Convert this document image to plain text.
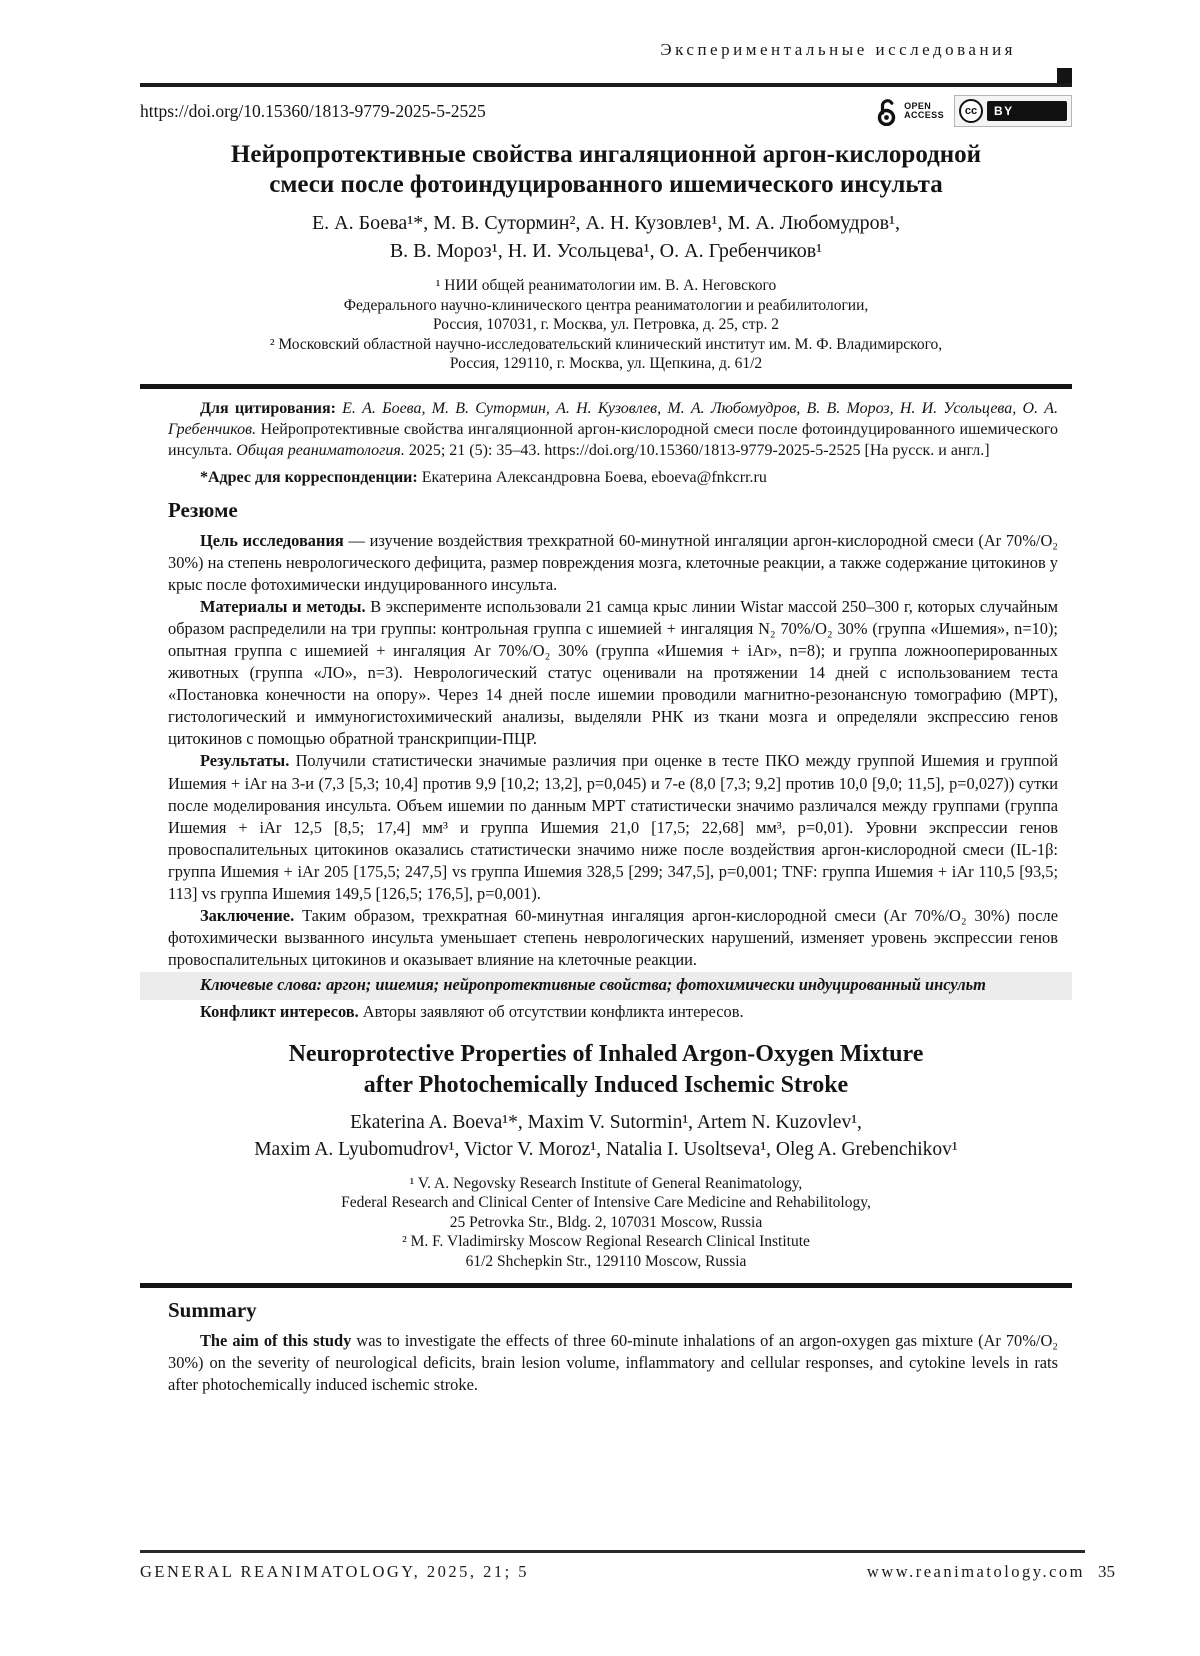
Экспериментальные исследования
https://doi.org/10.15360/1813-9779-2025-5-2525	OPEN
ACCESS	cc	BY
Нейропротективные свойства ингаляционной аргон-кислородной
смеси после фотоиндуцированного ишемического инсульта
Е. А. Боева¹*, М. В. Сутормин², А. Н. Кузовлев¹, М. А. Любомудров¹,
В. В. Мороз¹, Н. И. Усольцева¹, О. А. Гребенчиков¹
¹ НИИ общей реаниматологии им. В. А. Неговского
Федерального научно-клинического центра реаниматологии и реабилитологии,
Россия, 107031, г. Москва, ул. Петровка, д. 25, стр. 2
² Московский областной научно-исследовательский клинический институт им. М. Ф. Владимирского,
Россия, 129110, г. Москва, ул. Щепкина, д. 61/2

Для цитирования: Е. А. Боева, М. В. Сутормин, А. Н. Кузовлев, М. А. Любомудров, В. В. Мороз, Н. И. Усольцева, О. А. Гребенчиков. Нейропротективные свойства ингаляционной аргон-кислородной смеси после фотоиндуцированного ишемического инсульта. Общая реаниматология. 2025; 21 (5): 35–43. https://doi.org/10.15360/1813-9779-2025-5-2525 [На русск. и англ.]

*Адрес для корреспонденции: Екатерина Александровна Боева, eboeva@fnkcrr.ru

Резюме

Цель исследования — изучение воздействия трехкратной 60-минутной ингаляции аргон-кислородной смеси (Ar 70%/O₂ 30%) на степень неврологического дефицита, размер повреждения мозга, клеточные реакции, а также содержание цитокинов у крыс после фотохимически индуцированного инсульта.

Материалы и методы. В эксперименте использовали 21 самца крыс линии Wistar массой 250–300 г, которых случайным образом распределили на три группы: контрольная группа с ишемией + ингаляция N₂ 70%/O₂ 30% (группа «Ишемия», n=10); опытная группа с ишемией + ингаляция Ar 70%/O₂ 30% (группа «Ишемия + iAr», n=8); и группа ложнооперированных животных (группа «ЛО», n=3). Неврологический статус оценивали на протяжении 14 дней с использованием теста «Постановка конечности на опору». Через 14 дней после ишемии проводили магнитно-резонансную томографию (МРТ), гистологический и иммуногистохимический анализы, выделяли РНК из ткани мозга и определяли экспрессию генов цитокинов с помощью обратной транскрипции-ПЦР.

Результаты. Получили статистически значимые различия при оценке в тесте ПКО между группой Ишемия и группой Ишемия + iAr на 3-и (7,3 [5,3; 10,4] против 9,9 [10,2; 13,2], p=0,045) и 7-е (8,0 [7,3; 9,2] против 10,0 [9,0; 11,5], p=0,027)) сутки после моделирования инсульта. Объем ишемии по данным МРТ статистически значимо различался между группами (группа Ишемия + iAr 12,5 [8,5; 17,4] мм³ и группа Ишемия 21,0 [17,5; 22,68] мм³, p=0,01). Уровни экспрессии генов провоспалительных цитокинов оказались статистически значимо ниже после воздействия аргон-кислородной смеси (IL-1β: группа Ишемия + iAr 205 [175,5; 247,5] vs группа Ишемия 328,5 [299; 347,5], p=0,001; TNF: группа Ишемия + iAr 110,5 [93,5; 113] vs группа Ишемия 149,5 [126,5; 176,5], p=0,001).

Заключение. Таким образом, трехкратная 60-минутная ингаляция аргон-кислородной смеси (Ar 70%/O₂ 30%) после фотохимически вызванного инсульта уменьшает степень неврологических нарушений, изменяет уровень экспрессии генов провоспалительных цитокинов и оказывает влияние на клеточные реакции.

Ключевые слова: аргон; ишемия; нейропротективные свойства; фотохимически индуцированный инсульт

Конфликт интересов. Авторы заявляют об отсутствии конфликта интересов.

Neuroprotective Properties of Inhaled Argon-Oxygen Mixture
after Photochemically Induced Ischemic Stroke
Ekaterina A. Boeva¹*, Maxim V. Sutormin¹, Artem N. Kuzovlev¹,
Maxim A. Lyubomudrov¹, Victor V. Moroz¹, Natalia I. Usoltseva¹, Oleg A. Grebenchikov¹
¹ V. A. Negovsky Research Institute of General Reanimatology,
Federal Research and Clinical Center of Intensive Care Medicine and Rehabilitology,
25 Petrovka Str., Bldg. 2, 107031 Moscow, Russia
² M. F. Vladimirsky Moscow Regional Research Clinical Institute
61/2 Shchepkin Str., 129110 Moscow, Russia
Summary

The aim of this study was to investigate the effects of three 60-minute inhalations of an argon-oxygen gas mixture (Ar 70%/O₂ 30%) on the severity of neurological deficits, brain lesion volume, inflammatory and cellular responses, and cytokine levels in rats after photochemically induced ischemic stroke.

GENERAL REANIMATOLOGY, 2025, 21; 5	www.reanimatology.com 35
